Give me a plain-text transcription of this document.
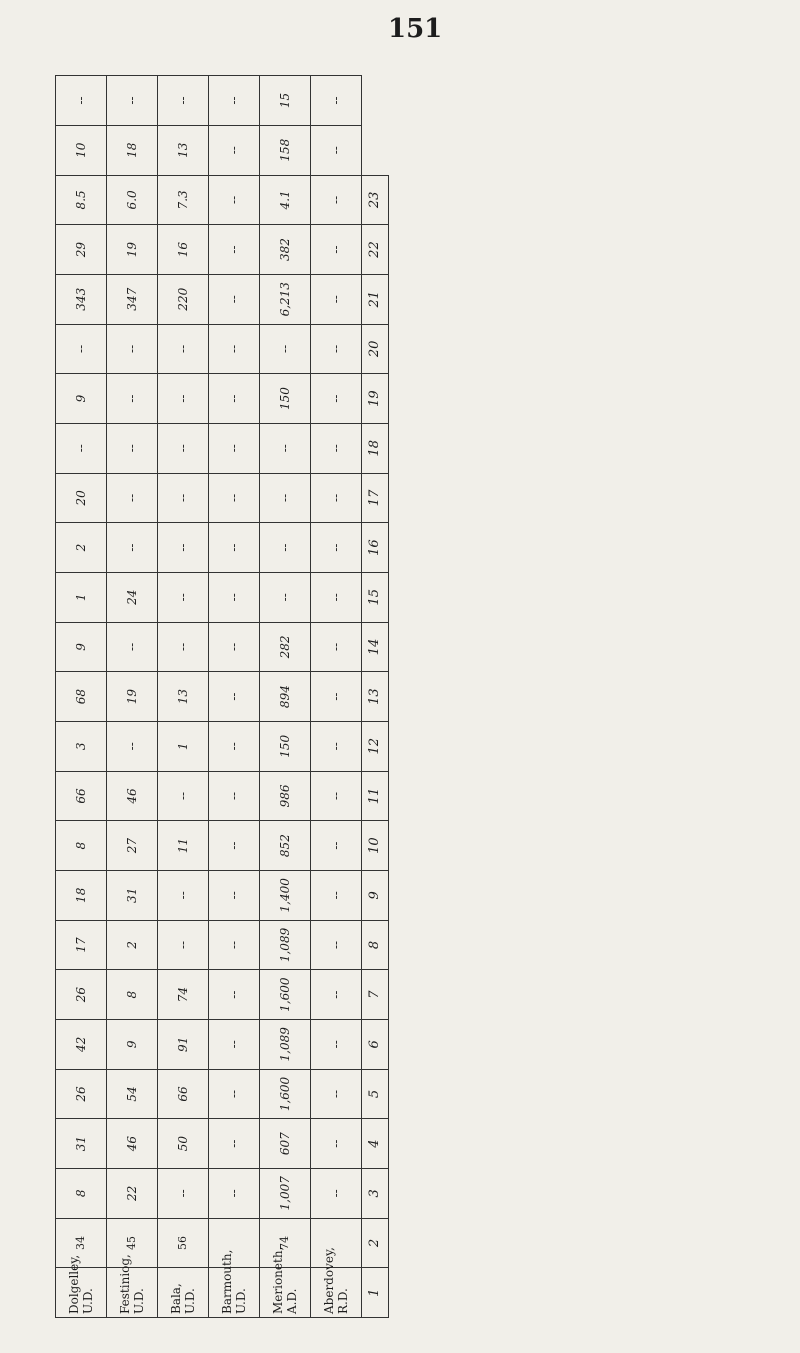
151
Dolgelley, U.D.	34	8	31	26	42	26	17	18	8	66	3	68	9	1	2	20	--	9	--	343	29	8.5	10	--
Festiniog, U.D.	45	22	46	54	9	8	2	31	27	46	--	19	--	24	--	--	--	--	--	347	19	6.0	18	--
Bala, U.D.	56	--	50	66	91	74	--	--	11	--	1	13	--	--	--	--	--	--	--	220	16	7.3	13	--
Barmouth, U.D.		--	--	--	--	--	--	--	--	--	--	--	--	--	--	--	--	--	--	--	--	--	--	--
Merioneth, A.D.	74	1,007	607	1,600	1,089	1,600	1,089	1,400	852	986	150	894	282	--	--	--	--	150	--	6,213	382	4.1	158	15
Aberdovey, R.D.		--	--	--	--	--	--	--	--	--	--	--	--	--	--	--	--	--	--	--	--	--	--	--
1	2	3	4	5	6	7	8	9	10	11	12	13	14	15	16	17	18	19	20	21	22	23		
